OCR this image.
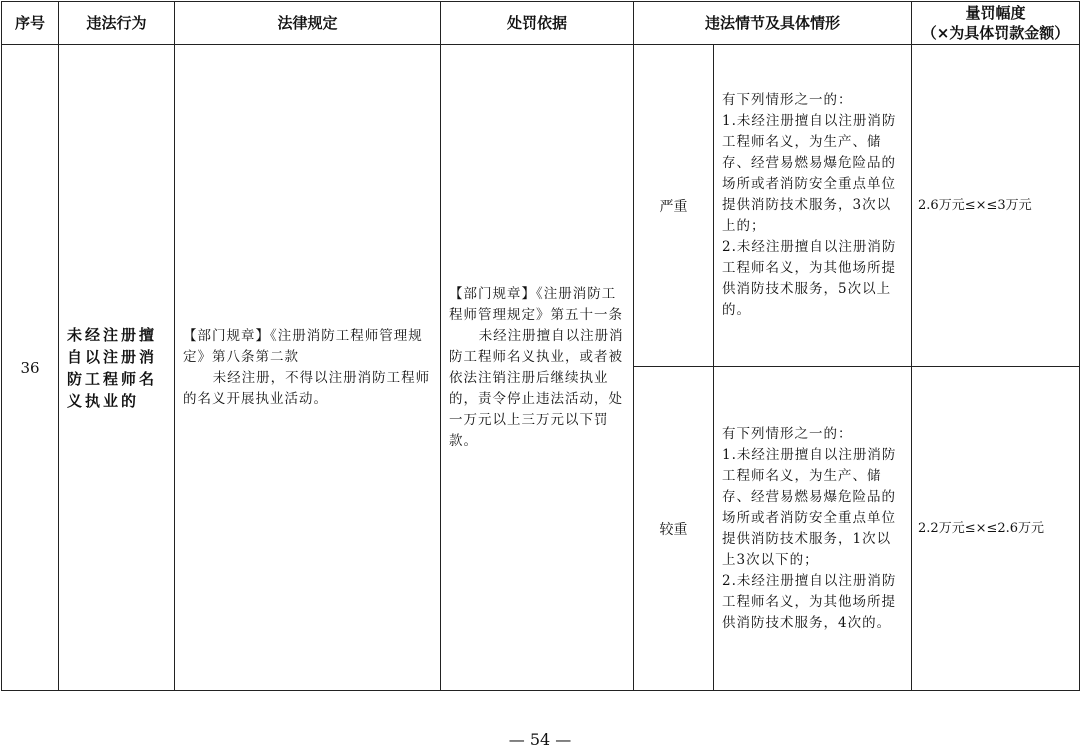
序号	违法行为	法律规定	处罚依据	违法情节及具体情形		量罚幅度
（×为具体罚款金额）

36	未经注册擅自以注册消防工程师名义执业的	【部门规章】《注册消防工程师管理规定》第八条第二款
未经注册，不得以注册消防工程师的名义开展执业活动。	【部门规章】《注册消防工程师管理规定》第五十一条
未经注册擅自以注册消防工程师名义执业，或者被依法注销注册后继续执业的，责令停止违法活动，处一万元以上三万元以下罚款。	严重	有下列情形之一的：
1.未经注册擅自以注册消防工程师名义，为生产、储存、经营易燃易爆危险品的场所或者消防安全重点单位提供消防技术服务，3次以上的；
2.未经注册擅自以注册消防工程师名义，为其他场所提供消防技术服务，5次以上的。	2.6万元≤×≤3万元
				较重	有下列情形之一的：
1.未经注册擅自以注册消防工程师名义，为生产、储存、经营易燃易爆危险品的场所或者消防安全重点单位提供消防技术服务，1次以上3次以下的；
2.未经注册擅自以注册消防工程师名义，为其他场所提供消防技术服务，4次的。	2.2万元≤×≤2.6万元
— 54 —
